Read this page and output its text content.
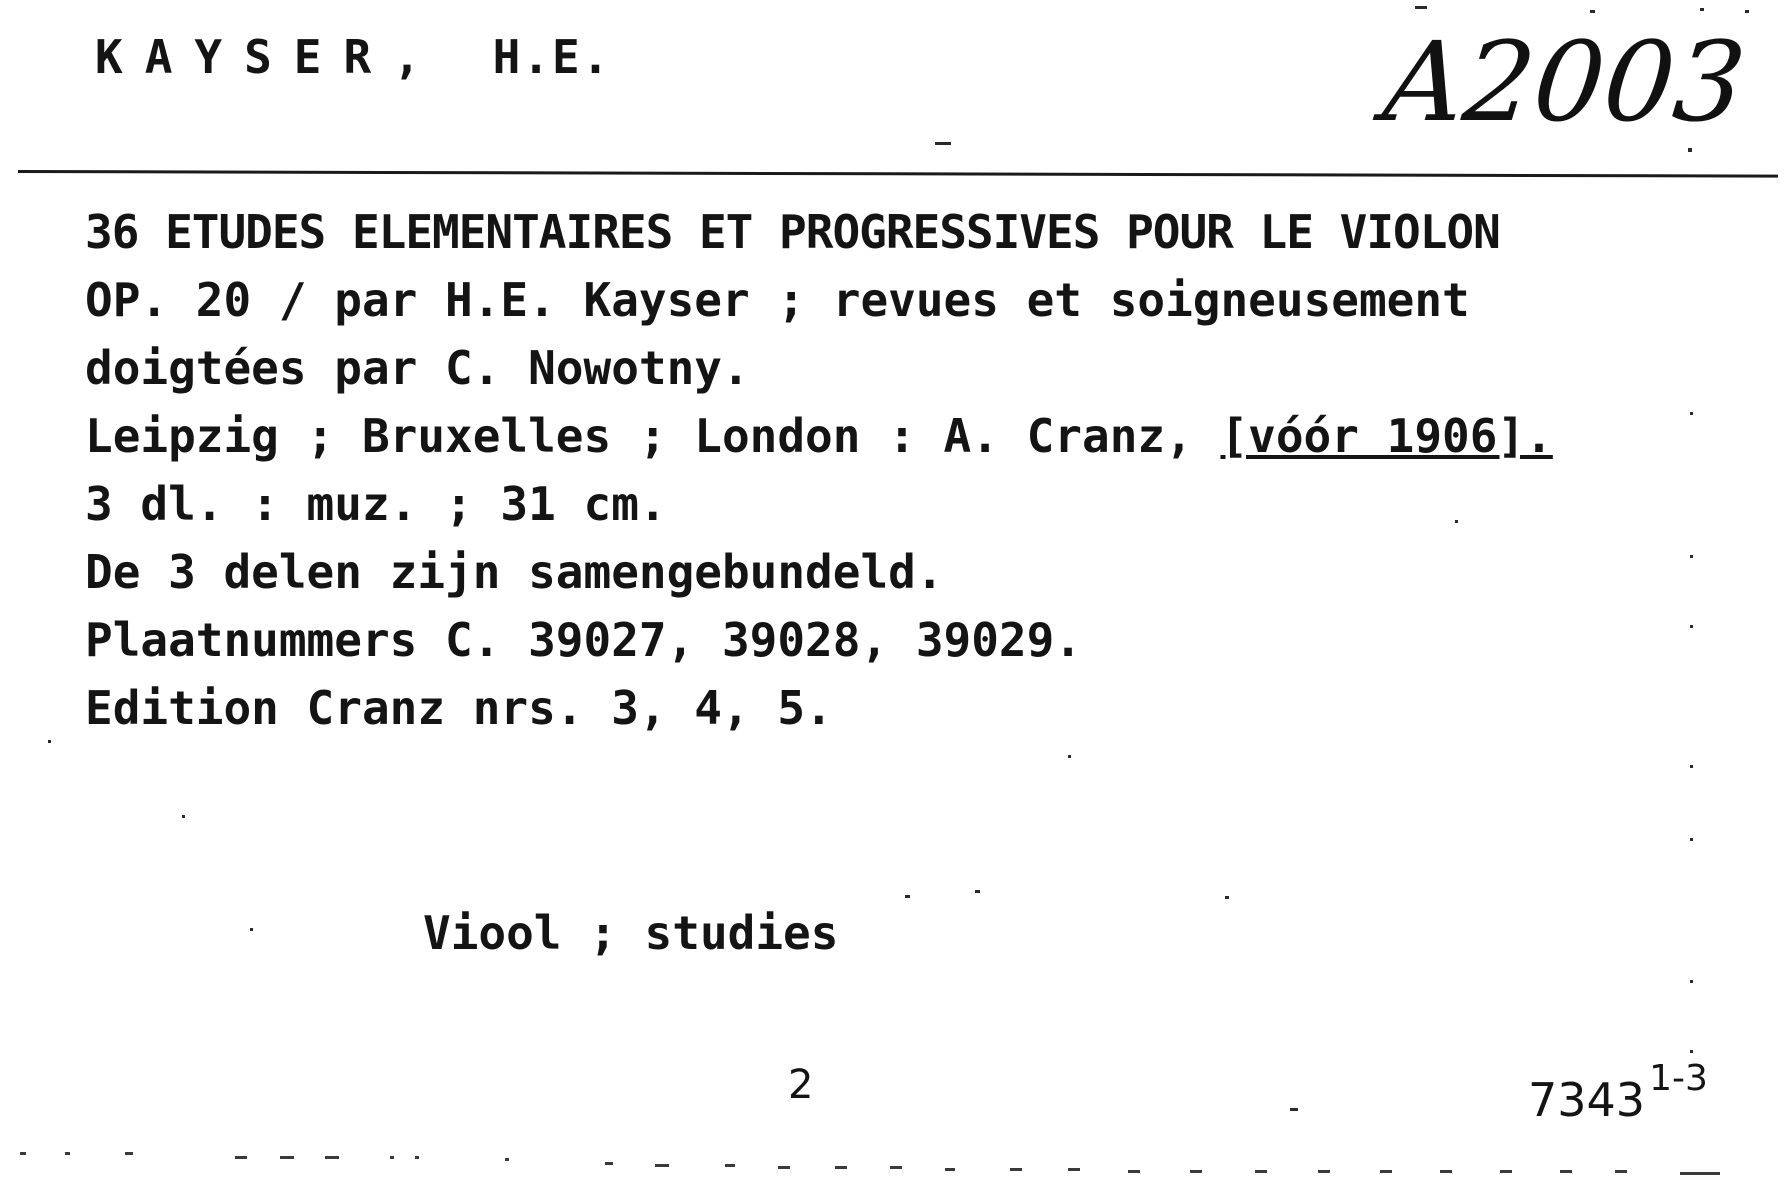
KAYSER, H.E.	A2003
36 ETUDES ELEMENTAIRES ET PROGRESSIVES POUR LE VIOLON
OP. 20 / par H.E. Kayser ; revues et soigneusement
doigtées par C. Nowotny.
Leipzig ; Bruxelles ; London : A. Cranz, [vóór 1906].
3 dl. : muz. ; 31 cm.
De 3 delen zijn samengebundeld.
Plaatnummers C. 39027, 39028, 39029.
Edition Cranz nrs. 3, 4, 5.
Viool ; studies
2	7343 $^{1-3}$
